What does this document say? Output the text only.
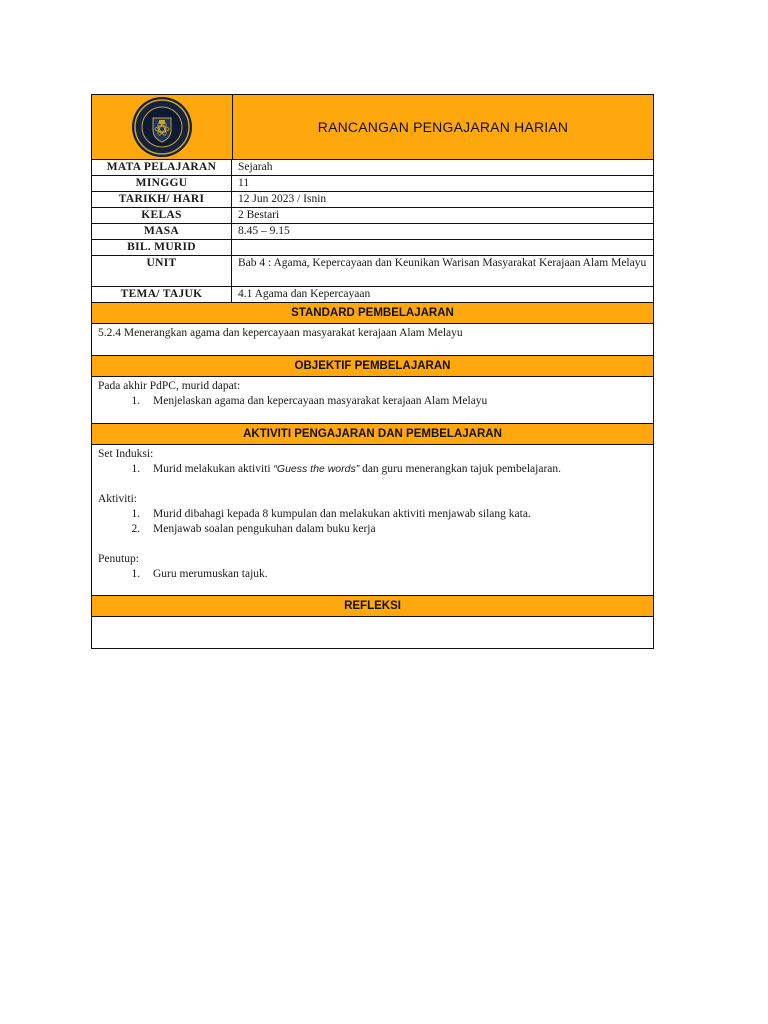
RANCANGAN PENGAJARAN HARIAN
MATA PELAJARAN	Sejarah
MINGGU	11
TARIKH/ HARI	12 Jun 2023 / Isnin
KELAS	2 Bestari
MASA	8.45 – 9.15
BIL. MURID
UNIT	Bab 4 : Agama, Kepercayaan dan Keunikan Warisan Masyarakat Kerajaan Alam Melayu
TEMA/ TAJUK	4.1 Agama dan Kepercayaan
STANDARD PEMBELAJARAN

5.2.4 Menerangkan agama dan kepercayaan masyarakat kerajaan Alam Melayu

OBJEKTIF PEMBELAJARAN

Pada akhir PdPC, murid dapat:

1. Menjelaskan agama dan kepercayaan masyarakat kerajaan Alam Melayu
AKTIVITI PENGAJARAN DAN PEMBELAJARAN

Set Induksi:

1. Murid melakukan aktiviti “Guess the words” dan guru menerangkan tajuk pembelajaran.

Aktiviti:

1. Murid dibahagi kepada 8 kumpulan dan melakukan aktiviti menjawab silang kata.
2. Menjawab soalan pengukuhan dalam buku kerja

Penutup:

1. Guru merumuskan tajuk.
REFLEKSI
